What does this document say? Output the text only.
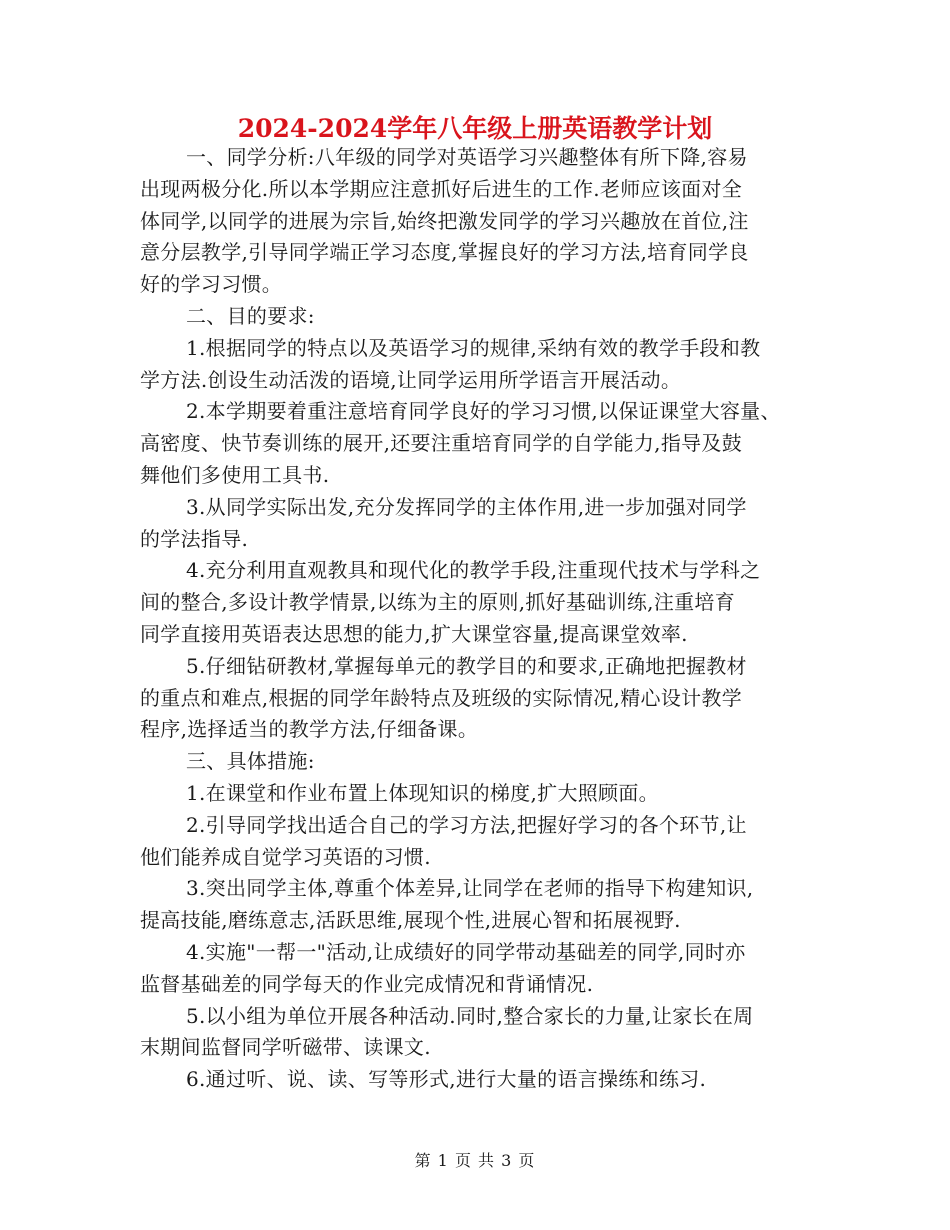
2024-2024学年八年级上册英语教学计划
一、同学分析:八年级的同学对英语学习兴趣整体有所下降,容易
出现两极分化.所以本学期应注意抓好后进生的工作.老师应该面对全
体同学,以同学的进展为宗旨,始终把激发同学的学习兴趣放在首位,注
意分层教学,引导同学端正学习态度,掌握良好的学习方法,培育同学良
好的学习习惯。
二、目的要求:
1.根据同学的特点以及英语学习的规律,采纳有效的教学手段和教
学方法.创设生动活泼的语境,让同学运用所学语言开展活动。
2.本学期要着重注意培育同学良好的学习习惯,以保证课堂大容量、
高密度、快节奏训练的展开,还要注重培育同学的自学能力,指导及鼓
舞他们多使用工具书.
3.从同学实际出发,充分发挥同学的主体作用,进一步加强对同学
的学法指导.
4.充分利用直观教具和现代化的教学手段,注重现代技术与学科之
间的整合,多设计教学情景,以练为主的原则,抓好基础训练,注重培育
同学直接用英语表达思想的能力,扩大课堂容量,提高课堂效率.
5.仔细钻研教材,掌握每单元的教学目的和要求,正确地把握教材
的重点和难点,根据的同学年龄特点及班级的实际情况,精心设计教学
程序,选择适当的教学方法,仔细备课。
三、具体措施:
1.在课堂和作业布置上体现知识的梯度,扩大照顾面。
2.引导同学找出适合自己的学习方法,把握好学习的各个环节,让
他们能养成自觉学习英语的习惯.
3.突出同学主体,尊重个体差异,让同学在老师的指导下构建知识,
提高技能,磨练意志,活跃思维,展现个性,进展心智和拓展视野.
4.实施"一帮一"活动,让成绩好的同学带动基础差的同学,同时亦
监督基础差的同学每天的作业完成情况和背诵情况.
5.以小组为单位开展各种活动.同时,整合家长的力量,让家长在周
末期间监督同学听磁带、读课文.
6.通过听、说、读、写等形式,进行大量的语言操练和练习.
第 1 页 共 3 页
